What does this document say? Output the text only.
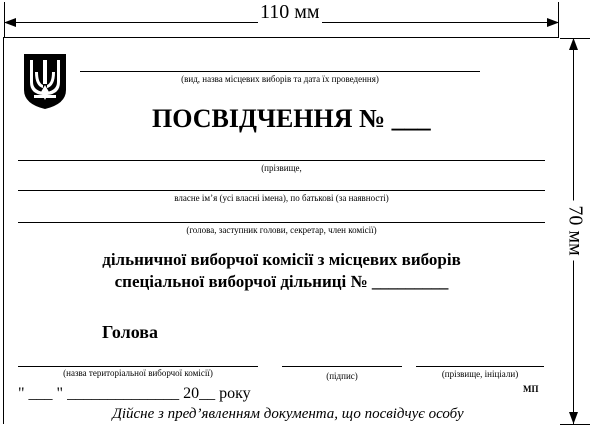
110 мм
70 мм
(вид, назва місцевих виборів та дата їх проведення)
ПОСВІДЧЕННЯ № ___
(прізвище,
власне ім’я (усі власні імена), по батькові (за наявності)
(голова, заступник голови, секретар, член комісії)
дільничної виборчої комісії з місцевих виборів
спеціальної виборчої дільниці № _________
Голова
(назва територіальної виборчої комісії)	(підпис)	(прізвище, ініціали)
МП
" ___ " ______________ 20__ року
Дійсне з пред’явленням документа, що посвідчує особу
